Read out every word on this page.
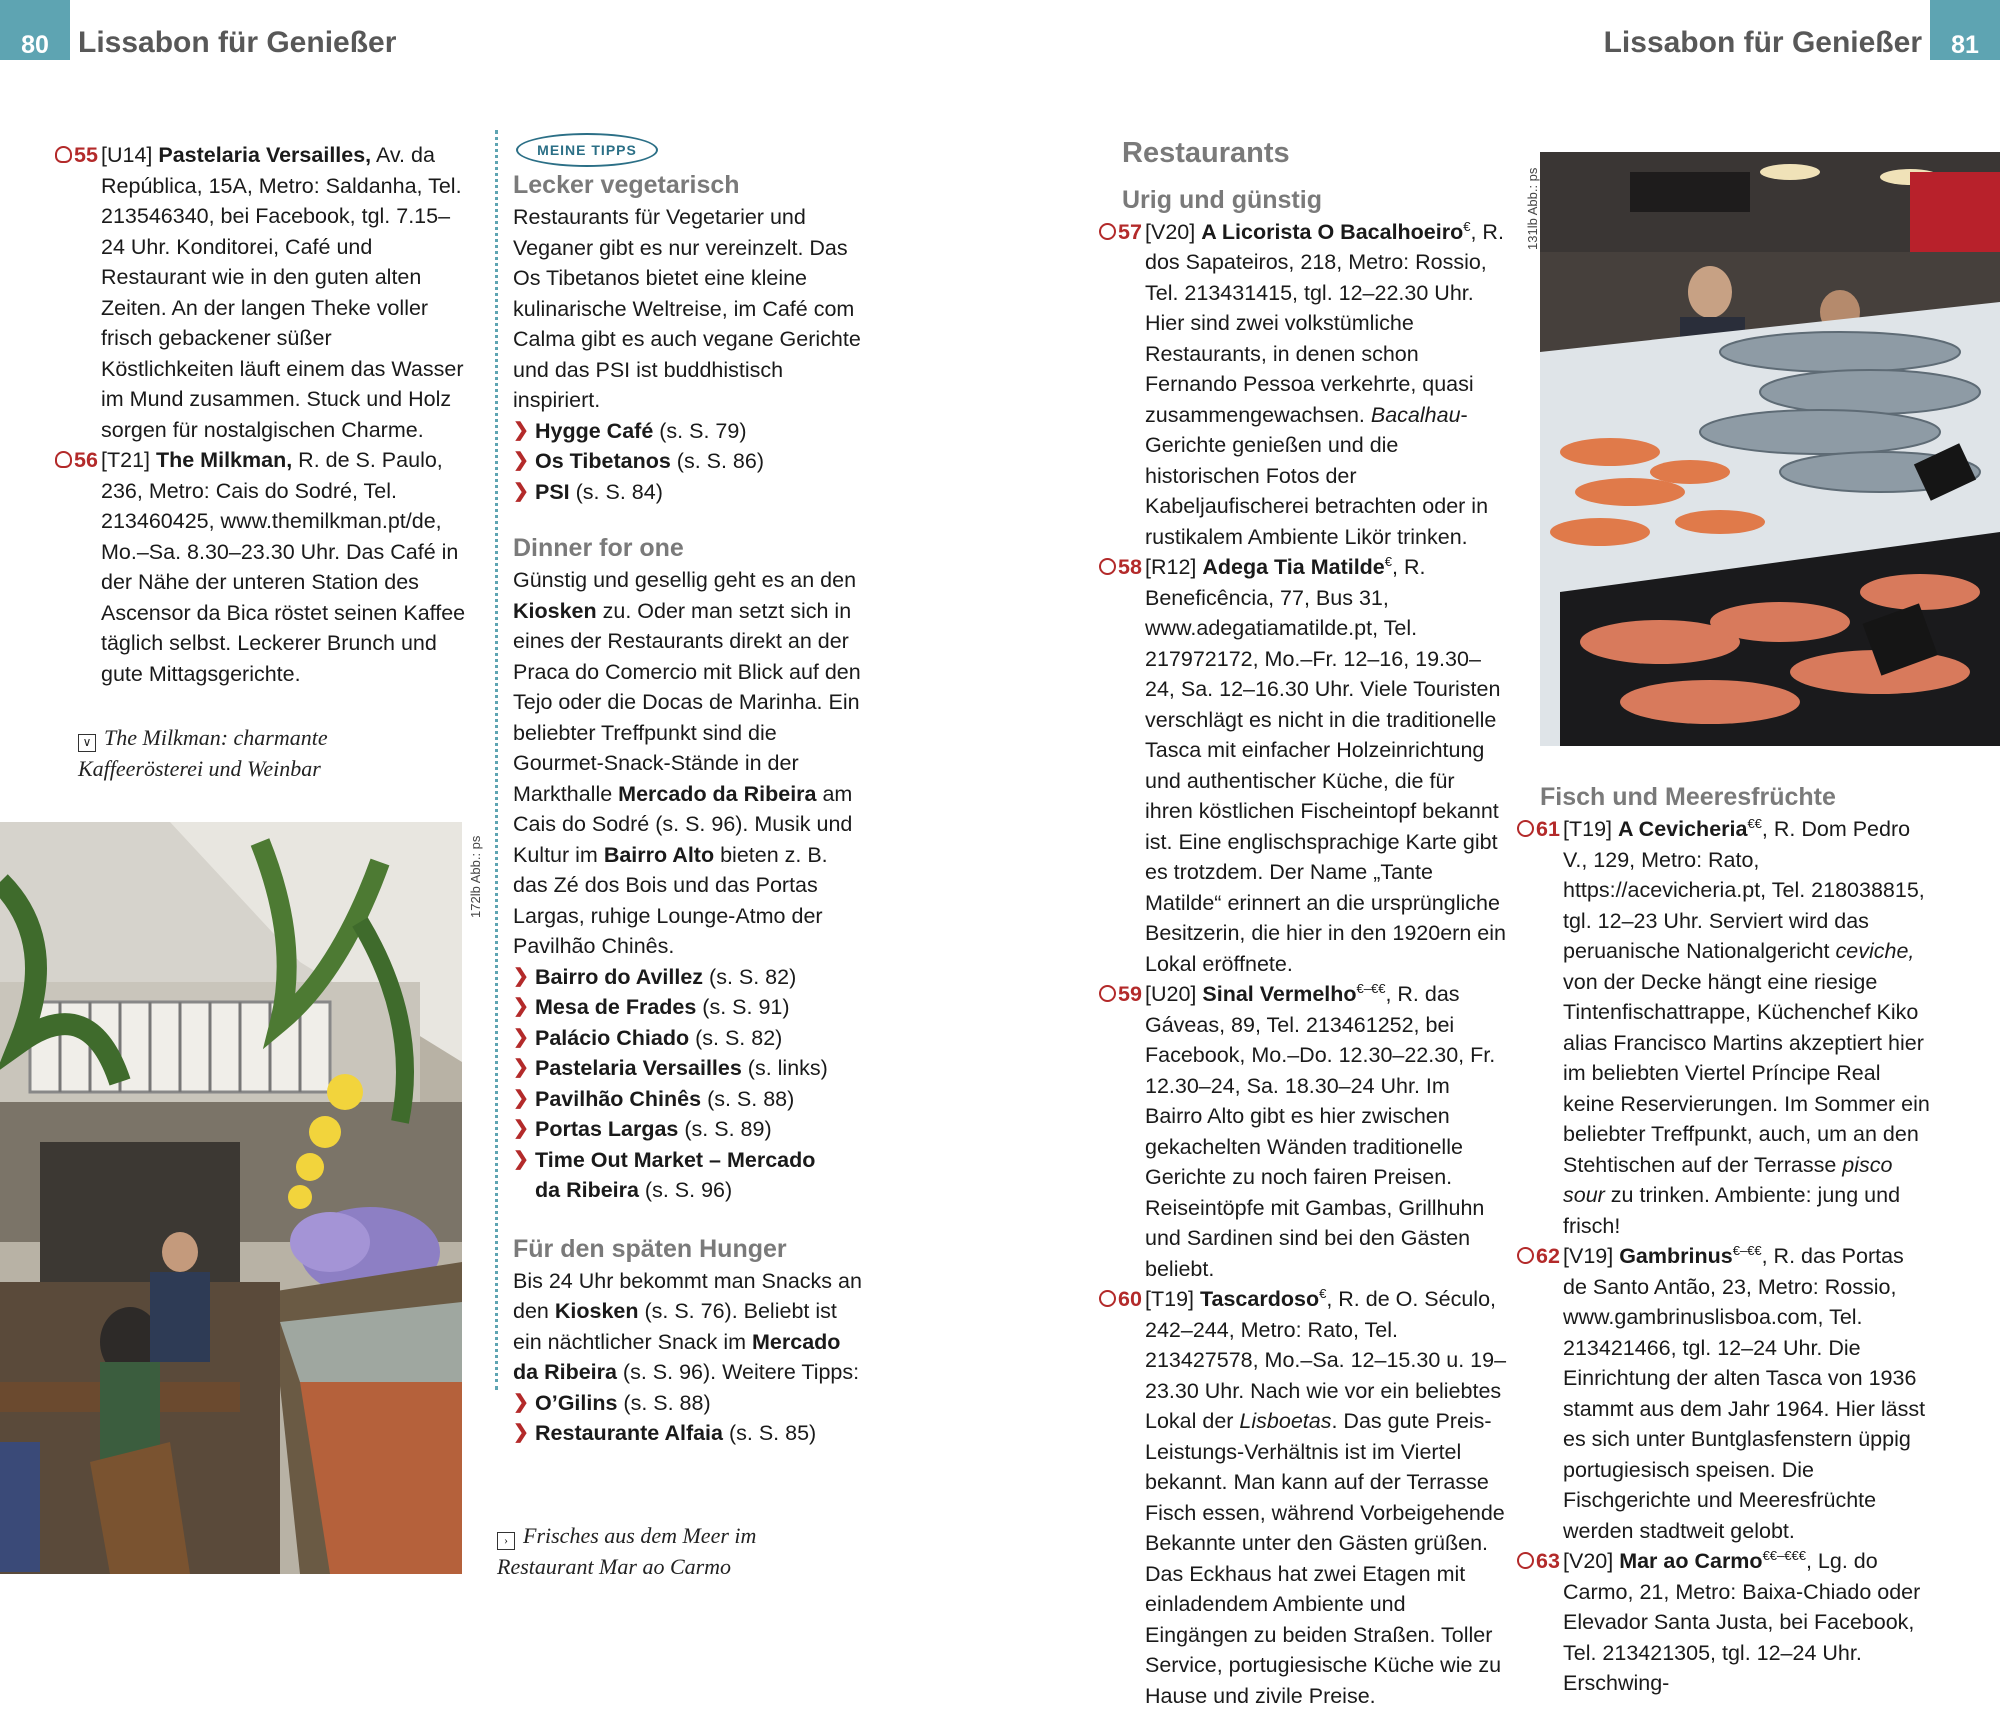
80 Lissabon für Genießer	Lissabon für Genießer 81

55 [U14] Pastelaria Versailles, Av. da República, 15A, Metro: Saldanha, Tel. 213546340, bei Facebook, tgl. 7.15–24 Uhr. Konditorei, Café und Restaurant wie in den guten alten Zeiten. An der langen Theke voller frisch gebackener süßer Köstlichkeiten läuft einem das Wasser im Mund zusammen. Stuck und Holz sorgen für nostalgischen Charme.

56 [T21] The Milkman, R. de S. Paulo, 236, Metro: Cais do Sodré, Tel. 213460425, www.themilkman.pt/de, Mo.–Sa. 8.30–23.30 Uhr. Das Café in der Nähe der unteren Station des Ascensor da Bica röstet seinen Kaffee täglich selbst. Leckerer Brunch und gute Mittagsgerichte.

∨ The Milkman: charmante Kaffeerösterei und Weinbar
172lb Abb.: ps
MEINE TIPPS

Lecker vegetarisch

Restaurants für Vegetarier und Veganer gibt es nur vereinzelt. Das Os Tibetanos bietet eine kleine kulinarische Weltreise, im Café com Calma gibt es auch vegane Gerichte und das PSI ist buddhistisch inspiriert.

❯ Hygge Café (s. S. 79)

❯ Os Tibetanos (s. S. 86)

❯ PSI (s. S. 84)

Dinner for one

Günstig und gesellig geht es an den Kiosken zu. Oder man setzt sich in eines der Restaurants direkt an der Praca do Comercio mit Blick auf den Tejo oder die Docas de Marinha. Ein beliebter Treffpunkt sind die Gourmet-Snack-Stände in der Markthalle Mercado da Ribeira am Cais do Sodré (s. S. 96). Musik und Kultur im Bairro Alto bieten z. B. das Zé dos Bois und das Portas Largas, ruhige Lounge-Atmo der Pavilhão Chinês.

❯ Bairro do Avillez (s. S. 82)

❯ Mesa de Frades (s. S. 91)

❯ Palácio Chiado (s. S. 82)

❯ Pastelaria Versailles (s. links)

❯ Pavilhão Chinês (s. S. 88)

❯ Portas Largas (s. S. 89)

❯ Time Out Market – Mercado da Ribeira (s. S. 96)

Für den späten Hunger

Bis 24 Uhr bekommt man Snacks an den Kiosken (s. S. 76). Beliebt ist ein nächtlicher Snack im Mercado da Ribeira (s. S. 96). Weitere Tipps:

❯ O’Gilins (s. S. 88)

❯ Restaurante Alfaia (s. S. 85)

› Frisches aus dem Meer im Restaurant Mar ao Carmo

Restaurants

Urig und günstig

57 [V20] A Licorista O Bacalhoeiro€, R. dos Sapateiros, 218, Metro: Rossio, Tel. 213431415, tgl. 12–22.30 Uhr. Hier sind zwei volkstümliche Restaurants, in denen schon Fernando Pessoa verkehrte, quasi zusammengewachsen. Bacalhau-Gerichte genießen und die historischen Fotos der Kabeljaufischerei betrachten oder in rustikalem Ambiente Likör trinken.

58 [R12] Adega Tia Matilde€, R. Beneficência, 77, Bus 31, www.adegatiamatilde.pt, Tel. 217972172, Mo.–Fr. 12–16, 19.30–24, Sa. 12–16.30 Uhr. Viele Touristen verschlägt es nicht in die traditionelle Tasca mit einfacher Holzeinrichtung und authentischer Küche, die für ihren köstlichen Fischeintopf bekannt ist. Eine englischsprachige Karte gibt es trotzdem. Der Name „Tante Matilde“ erinnert an die ursprüngliche Besitzerin, die hier in den 1920ern ein Lokal eröffnete.

59 [U20] Sinal Vermelho€–€€, R. das Gáveas, 89, Tel. 213461252, bei Facebook, Mo.–Do. 12.30–22.30, Fr. 12.30–24, Sa. 18.30–24 Uhr. Im Bairro Alto gibt es hier zwischen gekachelten Wänden traditionelle Gerichte zu noch fairen Preisen. Reiseintöpfe mit Gambas, Grillhuhn und Sardinen sind bei den Gästen beliebt.

60 [T19] Tascardoso€, R. de O. Século, 242–244, Metro: Rato, Tel. 213427578, Mo.–Sa. 12–15.30 u. 19–23.30 Uhr. Nach wie vor ein beliebtes Lokal der Lisboetas. Das gute Preis-Leistungs-Verhältnis ist im Viertel bekannt. Man kann auf der Terrasse Fisch essen, während Vorbeigehende Bekannte unter den Gästen grüßen. Das Eckhaus hat zwei Etagen mit einladendem Ambiente und Eingängen zu beiden Straßen. Toller Service, portugiesische Küche wie zu Hause und zivile Preise.

131lb Abb.: ps

Fisch und Meeresfrüchte

61 [T19] A Cevicheria€€, R. Dom Pedro V., 129, Metro: Rato, https://acevicheria.pt, Tel. 218038815, tgl. 12–23 Uhr. Serviert wird das peruanische Nationalgericht ceviche, von der Decke hängt eine riesige Tintenfischattrappe, Küchenchef Kiko alias Francisco Martins akzeptiert hier im beliebten Viertel Príncipe Real keine Reservierungen. Im Sommer ein beliebter Treffpunkt, auch, um an den Stehtischen auf der Terrasse pisco sour zu trinken. Ambiente: jung und frisch!

62 [V19] Gambrinus€–€€, R. das Portas de Santo Antão, 23, Metro: Rossio, www.gambrinuslisboa.com, Tel. 213421466, tgl. 12–24 Uhr. Die Einrichtung der alten Tasca von 1936 stammt aus dem Jahr 1964. Hier lässt es sich unter Buntglasfenstern üppig portugiesisch speisen. Die Fischgerichte und Meeresfrüchte werden stadtweit gelobt.

63 [V20] Mar ao Carmo€€–€€€, Lg. do Carmo, 21, Metro: Baixa-Chiado oder Elevador Santa Justa, bei Facebook, Tel. 213421305, tgl. 12–24 Uhr. Erschwing-
